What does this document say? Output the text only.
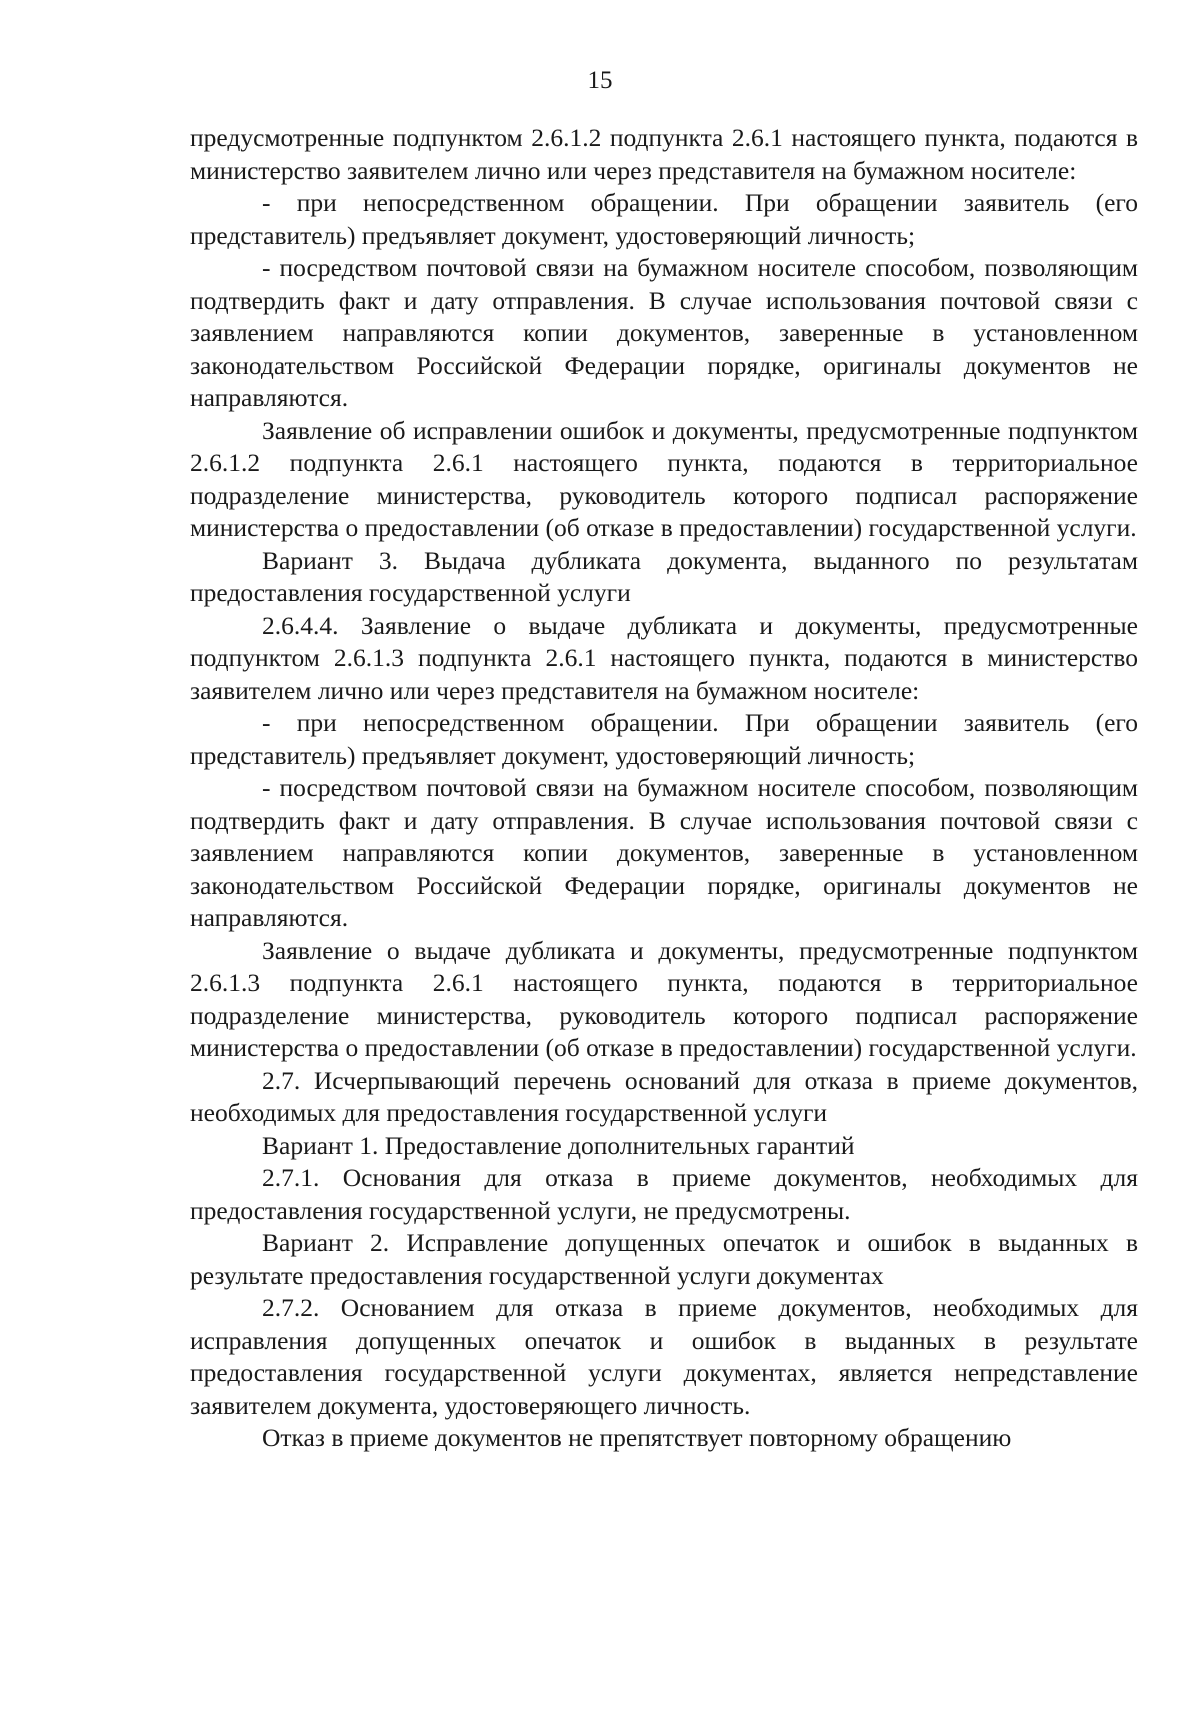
15

предусмотренные подпунктом 2.6.1.2 подпункта 2.6.1 настоящего пункта, подаются в министерство заявителем лично или через представителя на бумажном носителе:

- при непосредственном обращении. При обращении заявитель (его представитель) предъявляет документ, удостоверяющий личность;

- посредством почтовой связи на бумажном носителе способом, позволяющим подтвердить факт и дату отправления. В случае использования почтовой связи с заявлением направляются копии документов, заверенные в установленном законодательством Российской Федерации порядке, оригиналы документов не направляются.

Заявление об исправлении ошибок и документы, предусмотренные подпунктом 2.6.1.2 подпункта 2.6.1 настоящего пункта, подаются в территориальное подразделение министерства, руководитель которого подписал распоряжение министерства о предоставлении (об отказе в предоставлении) государственной услуги.

Вариант 3. Выдача дубликата документа, выданного по результатам предоставления государственной услуги

2.6.4.4. Заявление о выдаче дубликата и документы, предусмотренные подпунктом 2.6.1.3 подпункта 2.6.1 настоящего пункта, подаются в министерство заявителем лично или через представителя на бумажном носителе:

- при непосредственном обращении. При обращении заявитель (его представитель) предъявляет документ, удостоверяющий личность;

- посредством почтовой связи на бумажном носителе способом, позволяющим подтвердить факт и дату отправления. В случае использования почтовой связи с заявлением направляются копии документов, заверенные в установленном законодательством Российской Федерации порядке, оригиналы документов не направляются.

Заявление о выдаче дубликата и документы, предусмотренные подпунктом 2.6.1.3 подпункта 2.6.1 настоящего пункта, подаются в территориальное подразделение министерства, руководитель которого подписал распоряжение министерства о предоставлении (об отказе в предоставлении) государственной услуги.

2.7. Исчерпывающий перечень оснований для отказа в приеме документов, необходимых для предоставления государственной услуги

Вариант 1. Предоставление дополнительных гарантий

2.7.1. Основания для отказа в приеме документов, необходимых для предоставления государственной услуги, не предусмотрены.

Вариант 2. Исправление допущенных опечаток и ошибок в выданных в результате предоставления государственной услуги документах

2.7.2. Основанием для отказа в приеме документов, необходимых для исправления допущенных опечаток и ошибок в выданных в результате предоставления государственной услуги документах, является непредставление заявителем документа, удостоверяющего личность.

Отказ в приеме документов не препятствует повторному обращению
